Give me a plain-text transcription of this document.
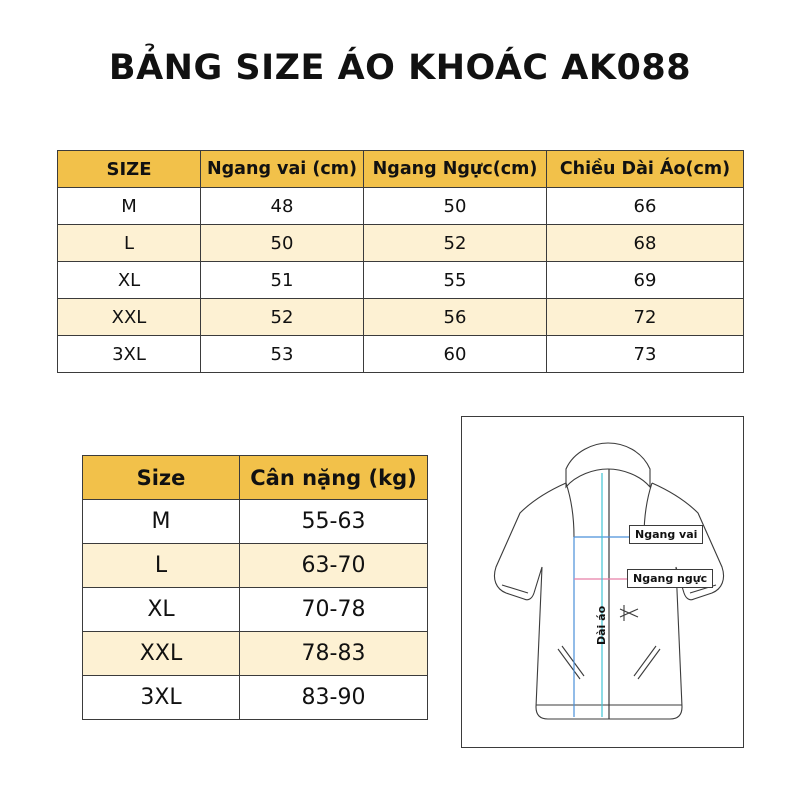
BẢNG SIZE ÁO KHOÁC AK088
SIZE	Ngang vai (cm)	Ngang Ngực(cm)	Chiều Dài Áo(cm)
M	48	50	66
L	50	52	68
XL	51	55	69
XXL	52	56	72
3XL	53	60	73
Size	Cân nặng (kg)
M	55-63
L	63-70
XL	70-78
XXL	78-83
3XL	83-90
Ngang vai
Ngang ngực
Dài áo
